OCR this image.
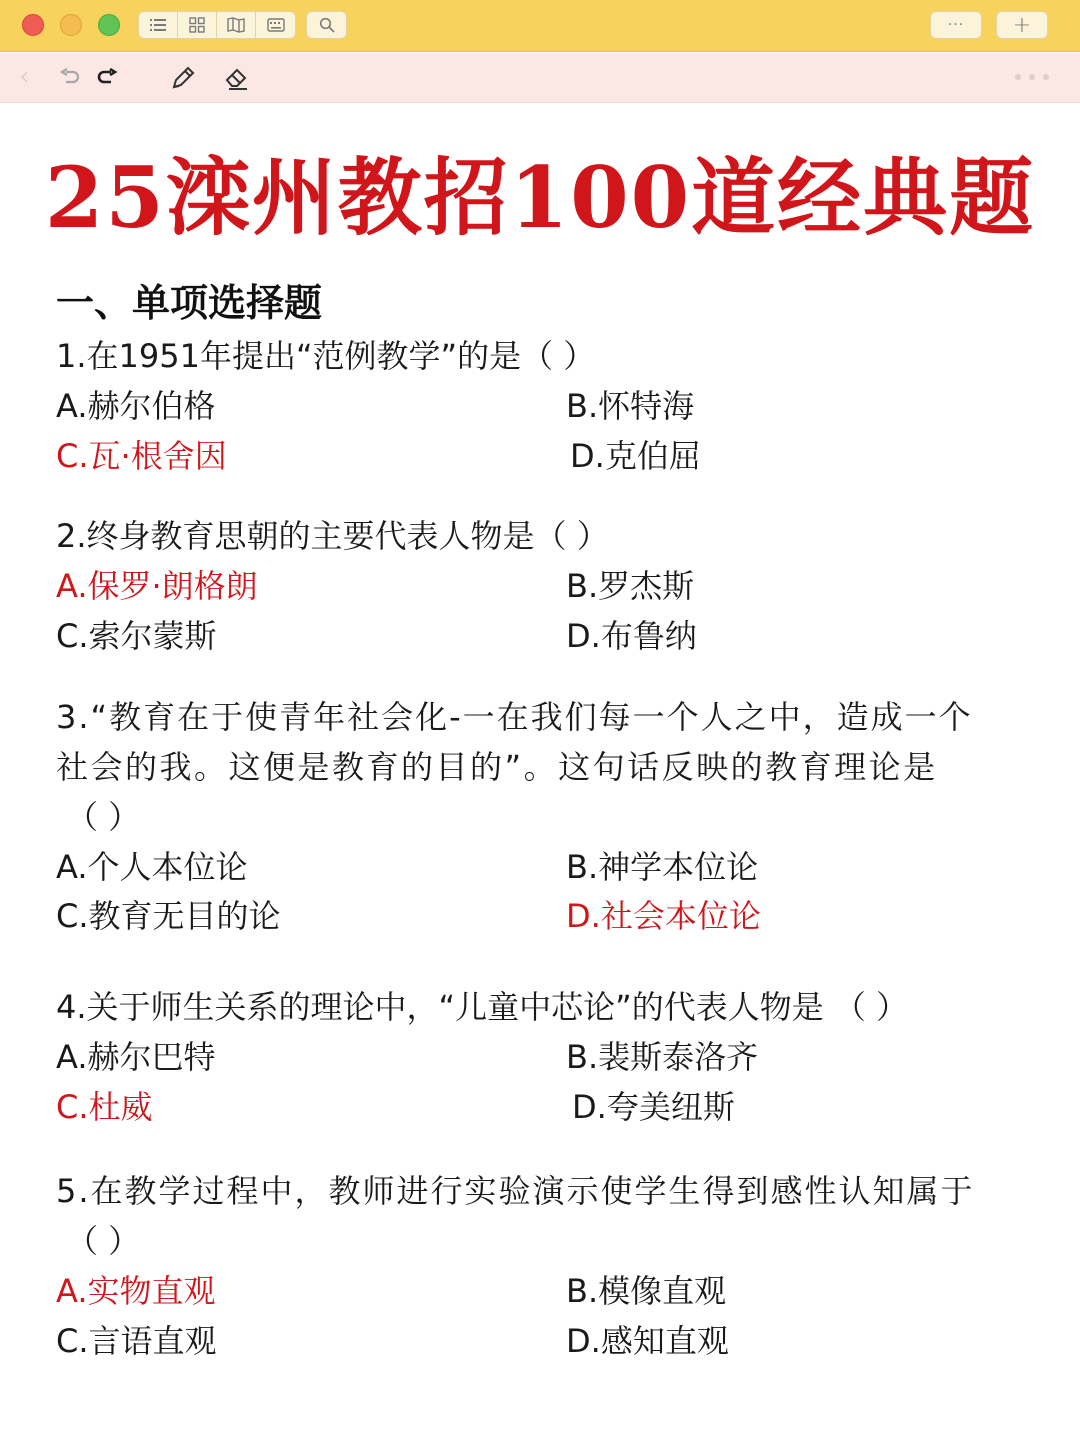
···	+
25滦州教招100道经典题
一、单项选择题
1.在1951年提出“范例教学”的是（ ）
A.赫尔伯格	B.怀特海
C.瓦·根舍因	D.克伯屈
2.终身教育思朝的主要代表人物是（ ）
A.保罗·朗格朗	B.罗杰斯
C.索尔蒙斯	D.布鲁纳
3.“教育在于使青年社会化-一在我们每一个人之中，造成一个
社会的我。这便是教育的目的”。这句话反映的教育理论是
（ ）
A.个人本位论	B.神学本位论
C.教育无目的论	D.社会本位论
4.关于师生关系的理论中，“儿童中芯论”的代表人物是 （ ）
A.赫尔巴特	B.裴斯泰洛齐
C.杜威	D.夸美纽斯
5.在教学过程中，教师进行实验演示使学生得到感性认知属于
（ ）
A.实物直观	B.模像直观
C.言语直观	D.感知直观
